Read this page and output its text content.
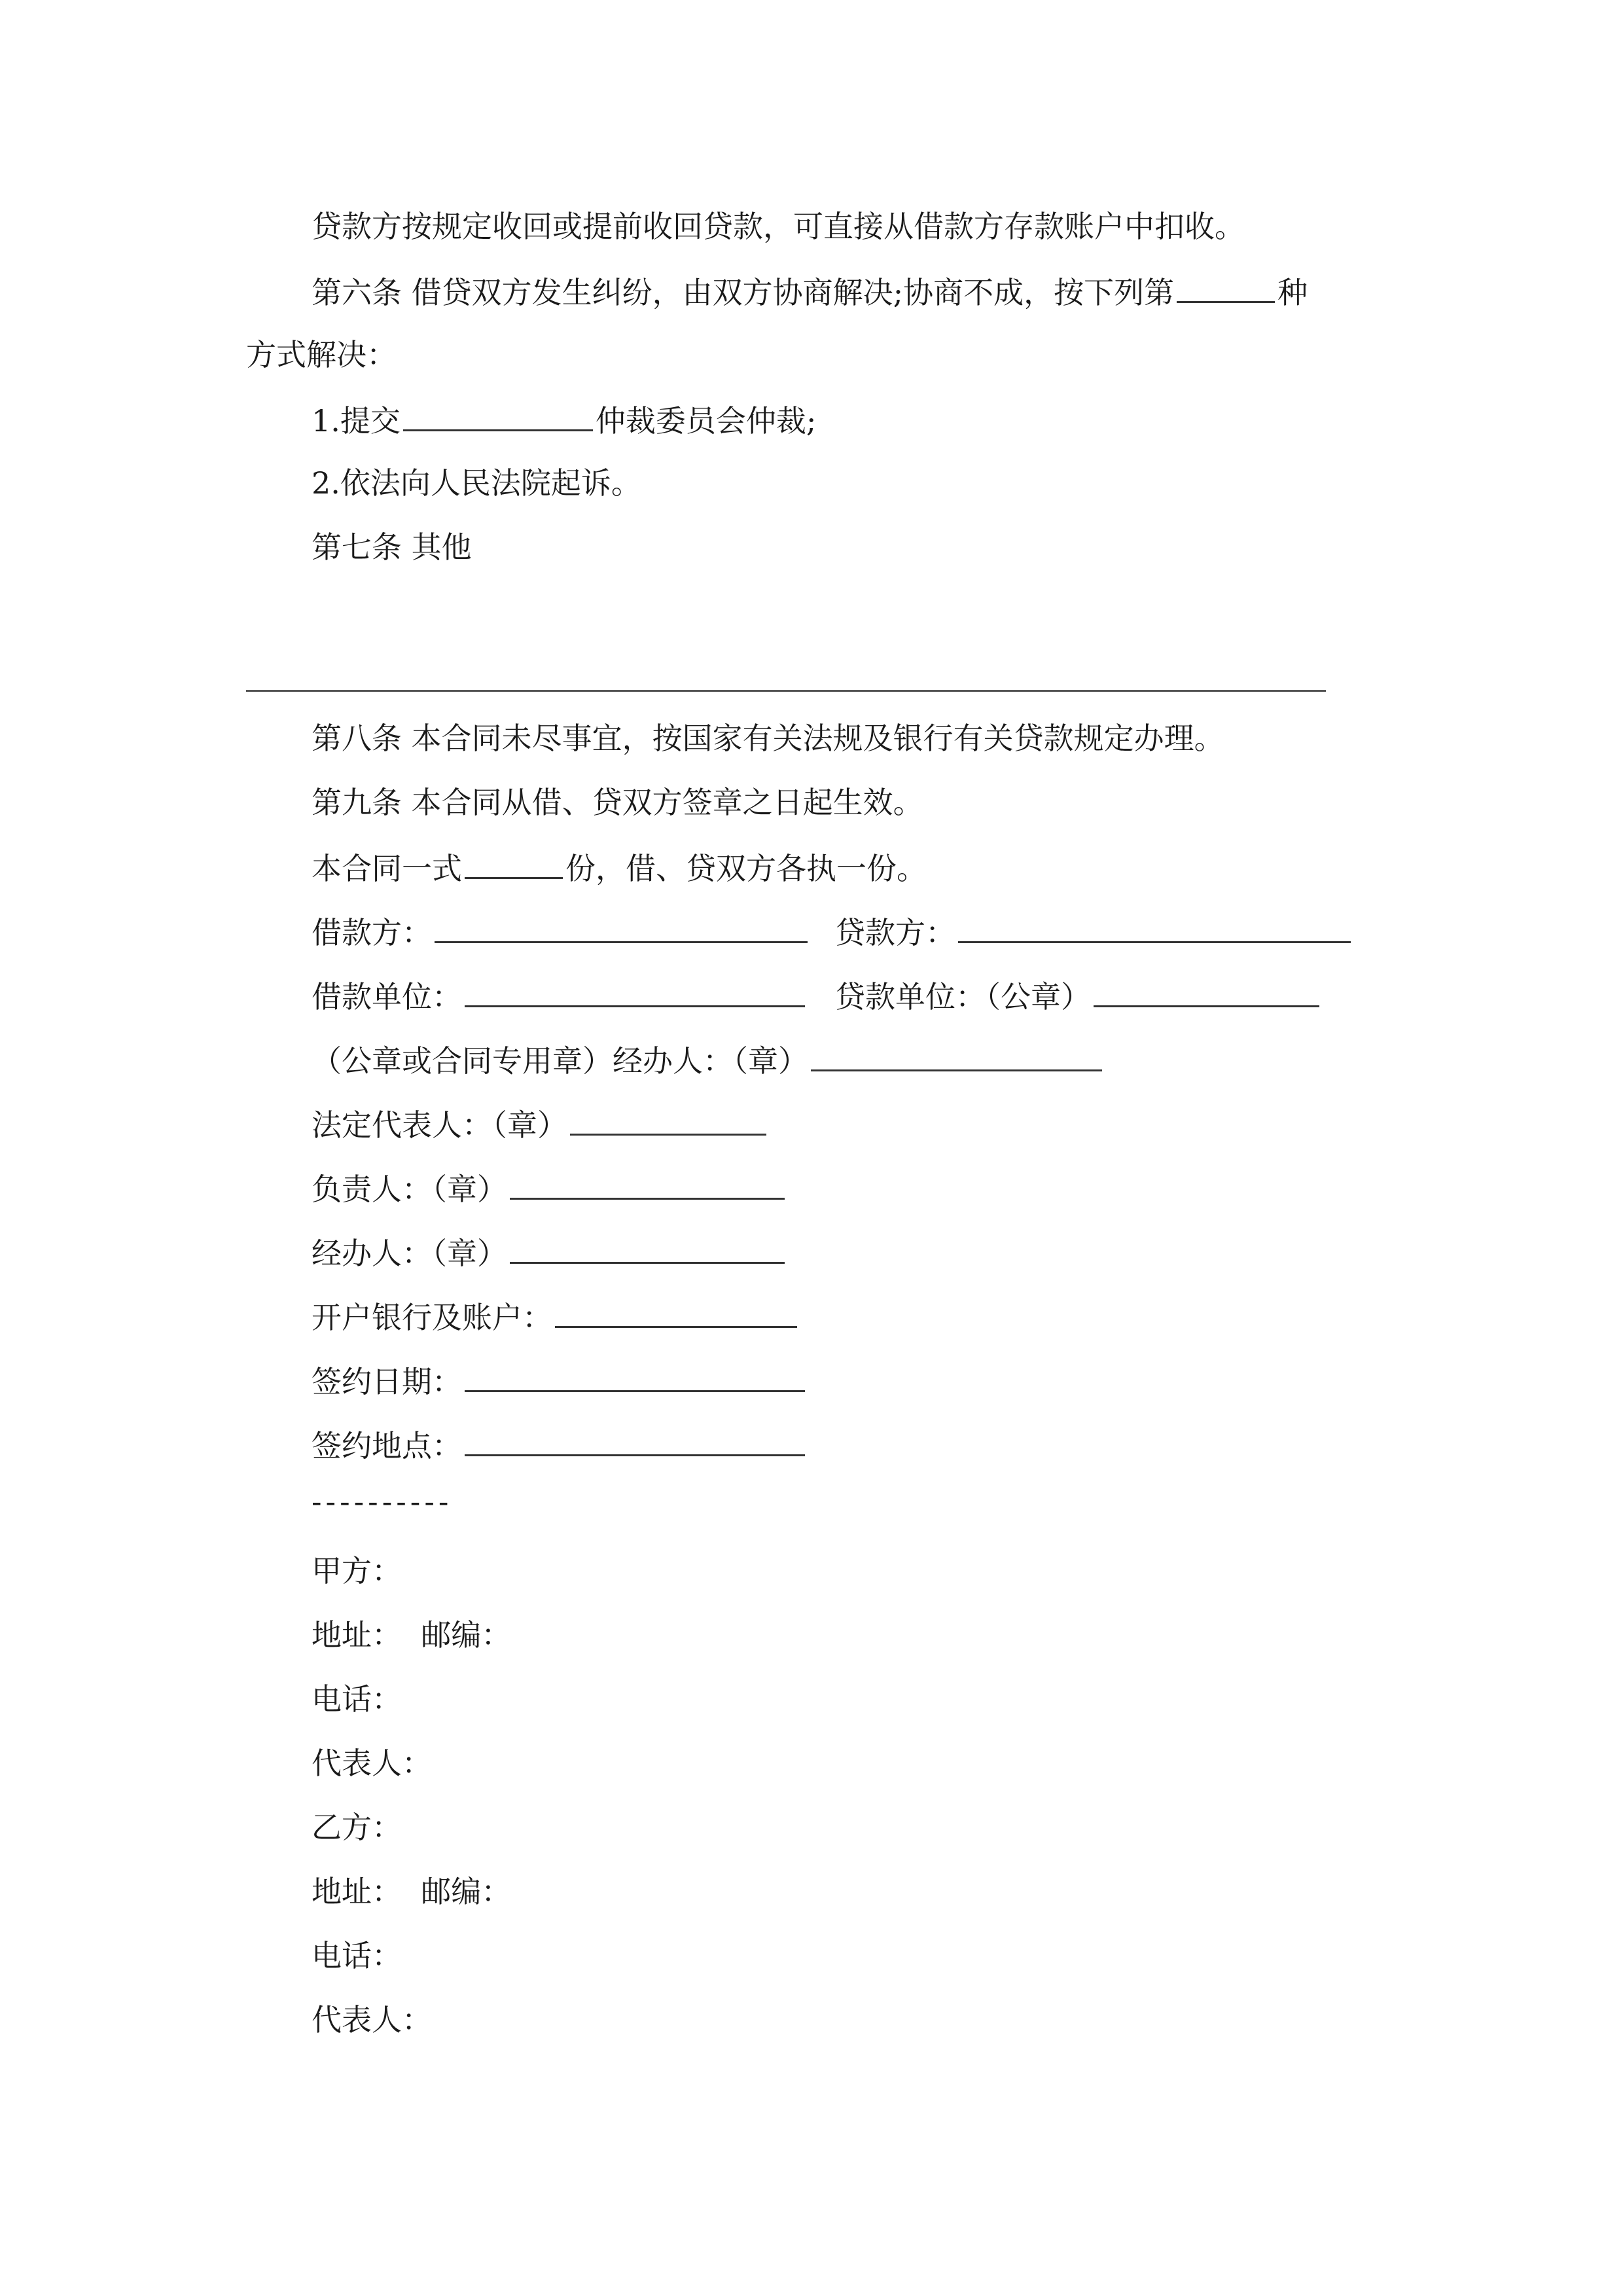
贷款方按规定收回或提前收回贷款，可直接从借款方存款账户中扣收。
第六条 借贷双方发生纠纷，由双方协商解决;协商不成，按下列第	种
方式解决：
1.提交	仲裁委员会仲裁;
2.依法向人民法院起诉。
第七条 其他
第八条 本合同未尽事宜，按国家有关法规及银行有关贷款规定办理。
第九条 本合同从借、贷双方签章之日起生效。
本合同一式	份，借、贷双方各执一份。
借款方：	贷款方：
借款单位：	贷款单位：（公章）
（公章或合同专用章）经办人：（章）
法定代表人：（章）
负责人：（章）
经办人：（章）
开户银行及账户：
签约日期：
签约地点：
----------
甲方：
地址： 邮编：
电话：
代表人：
乙方：
地址： 邮编：
电话：
代表人：
